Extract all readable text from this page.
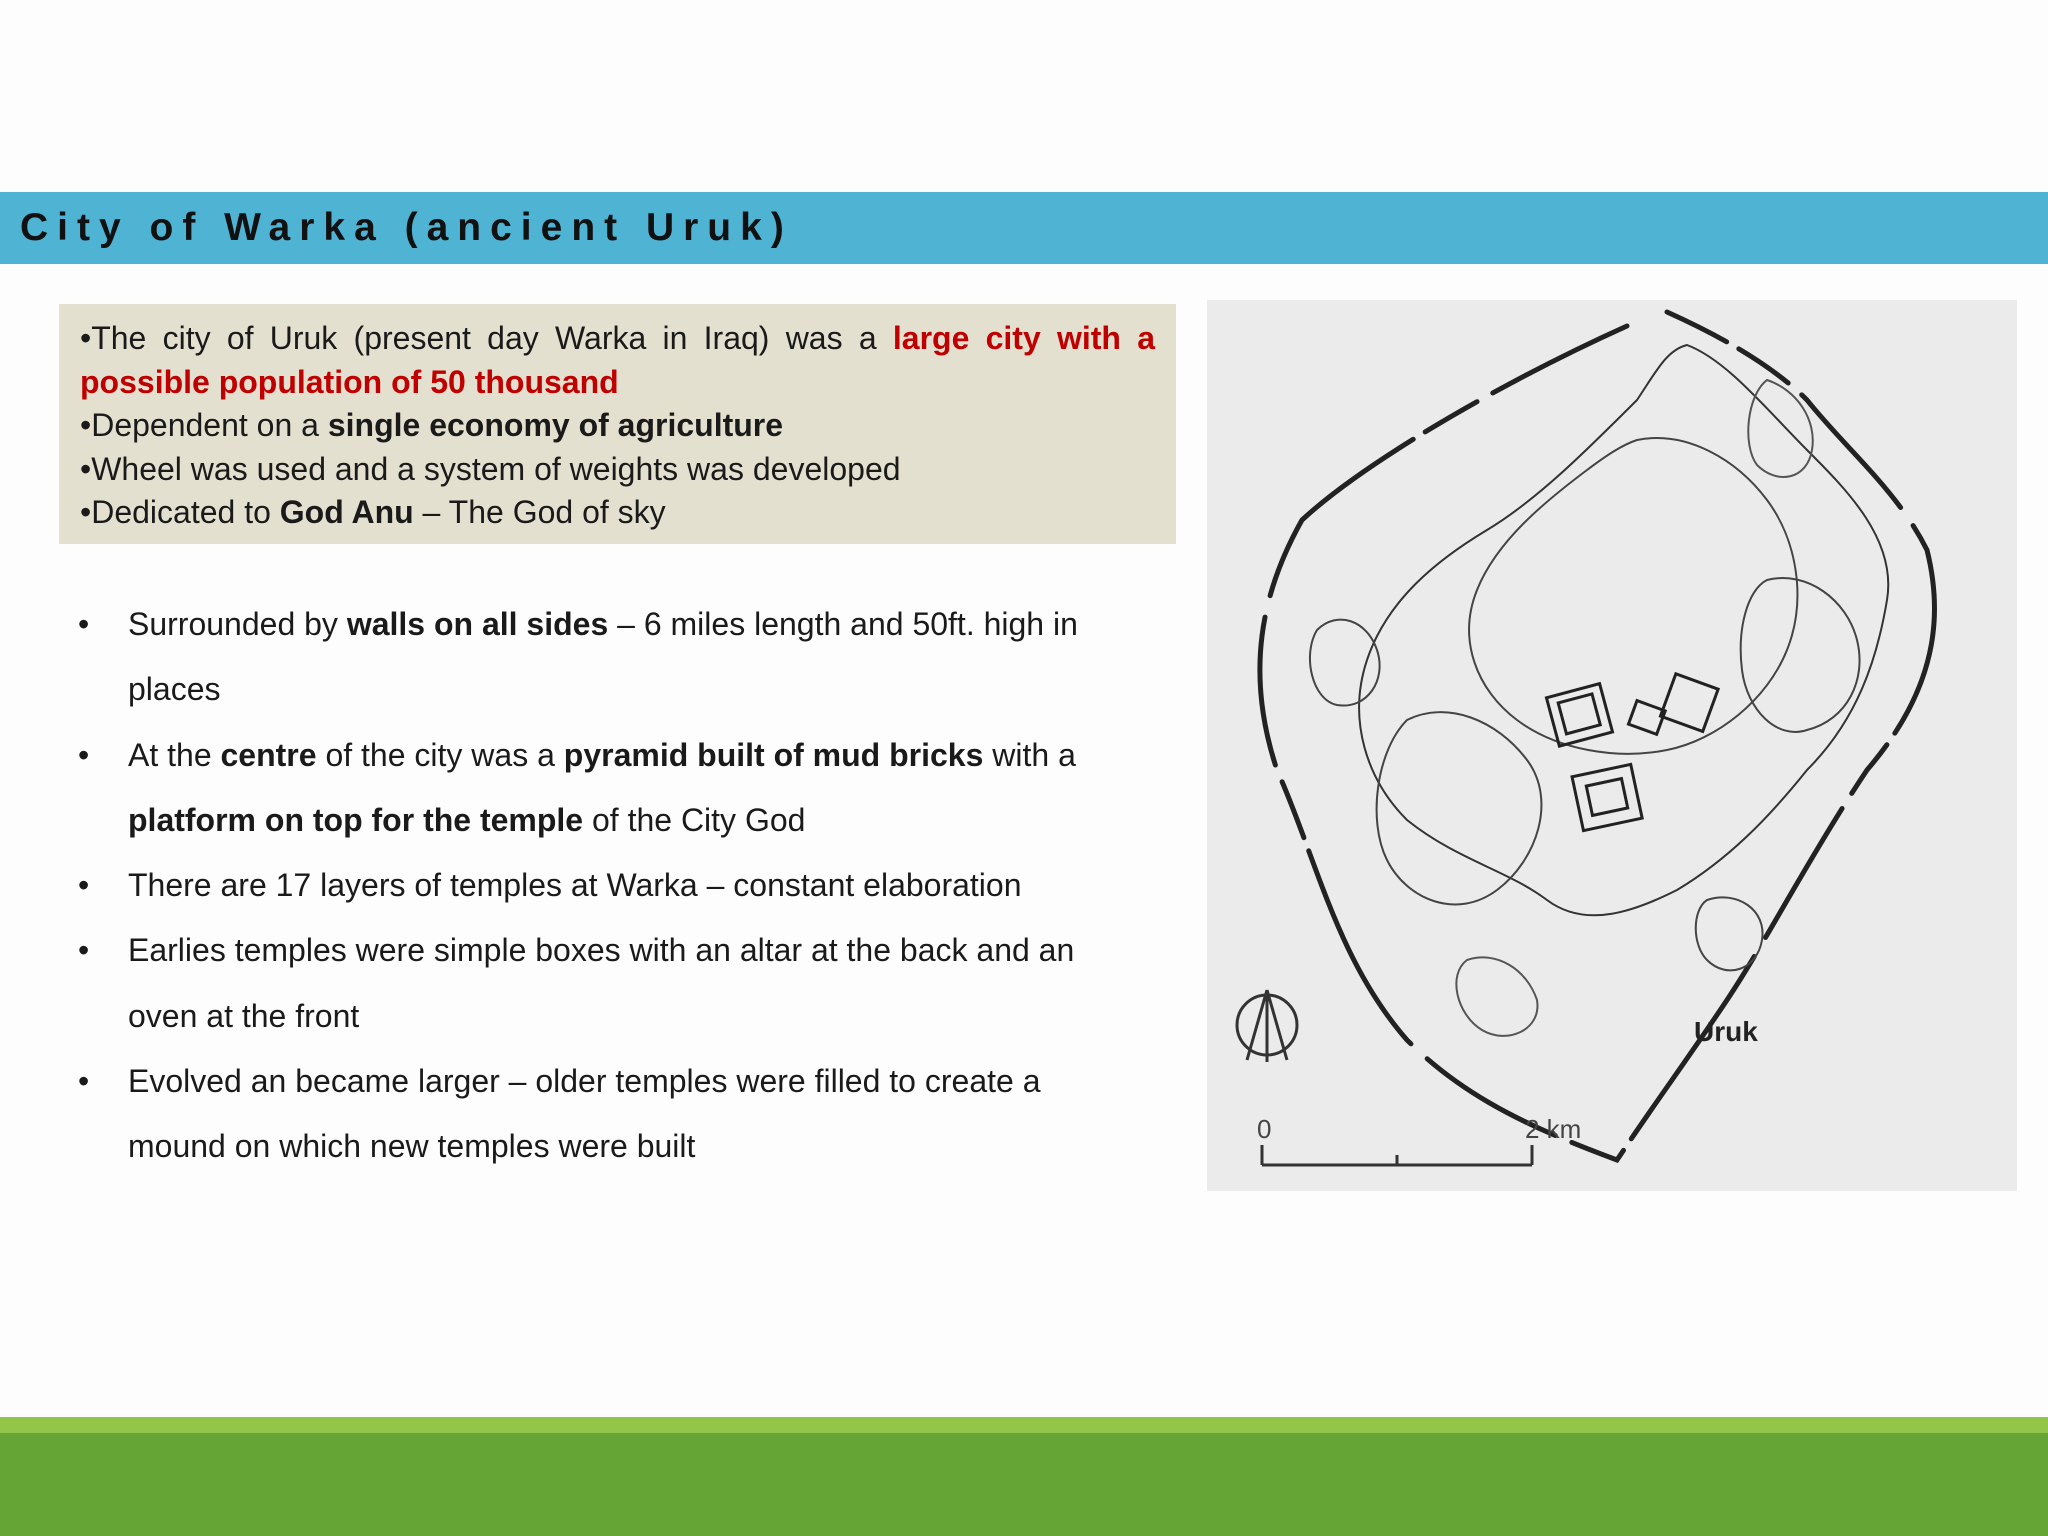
City of Warka (ancient Uruk)
•The city of Uruk (present day Warka in Iraq) was a large city with a
possible population of 50 thousand
•Dependent on a single economy of agriculture
•Wheel was used and a system of weights was developed
•Dedicated to God Anu – The God of sky
• Surrounded by walls on all sides – 6 miles length and 50ft. high in
places
• At the centre of the city was a pyramid built of mud bricks with a
platform on top for the temple of the City God
• There are 17 layers of temples at Warka – constant elaboration
• Earlies temples were simple boxes with an altar at the back and an
oven at the front
• Evolved an became larger – older temples were filled to create a
mound on which new temples were built	0	2 km
Uruk
